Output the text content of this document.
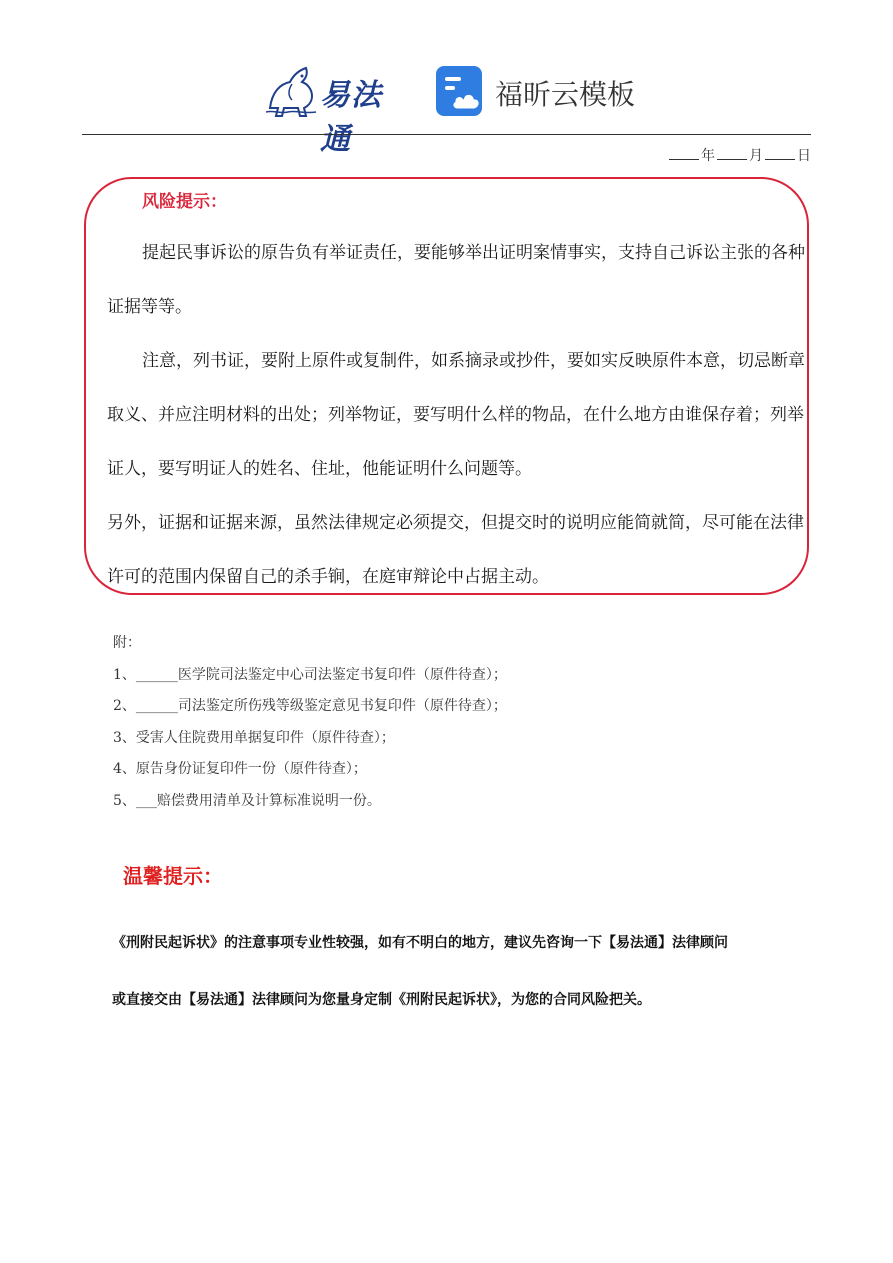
易法通
福昕云模板
年 月 日
风险提示：

提起民事诉讼的原告负有举证责任，要能够举出证明案情事实，支持自己诉讼主张的各种证据等等。

注意，列书证，要附上原件或复制件，如系摘录或抄件，要如实反映原件本意，切忌断章取义、并应注明材料的出处；列举物证，要写明什么样的物品，在什么地方由谁保存着；列举证人，要写明证人的姓名、住址，他能证明什么问题等。

另外，证据和证据来源，虽然法律规定必须提交，但提交时的说明应能简就简，尽可能在法律许可的范围内保留自己的杀手锏，在庭审辩论中占据主动。

附：
1、______医学院司法鉴定中心司法鉴定书复印件（原件待查）；
2、______司法鉴定所伤残等级鉴定意见书复印件（原件待查）；
3、受害人住院费用单据复印件（原件待查）；
4、原告身份证复印件一份（原件待查）；
5、___赔偿费用清单及计算标准说明一份。
温馨提示：

《刑附民起诉状》的注意事项专业性较强，如有不明白的地方，建议先咨询一下【易法通】法律顾问

或直接交由【易法通】法律顾问为您量身定制《刑附民起诉状》，为您的合同风险把关。
